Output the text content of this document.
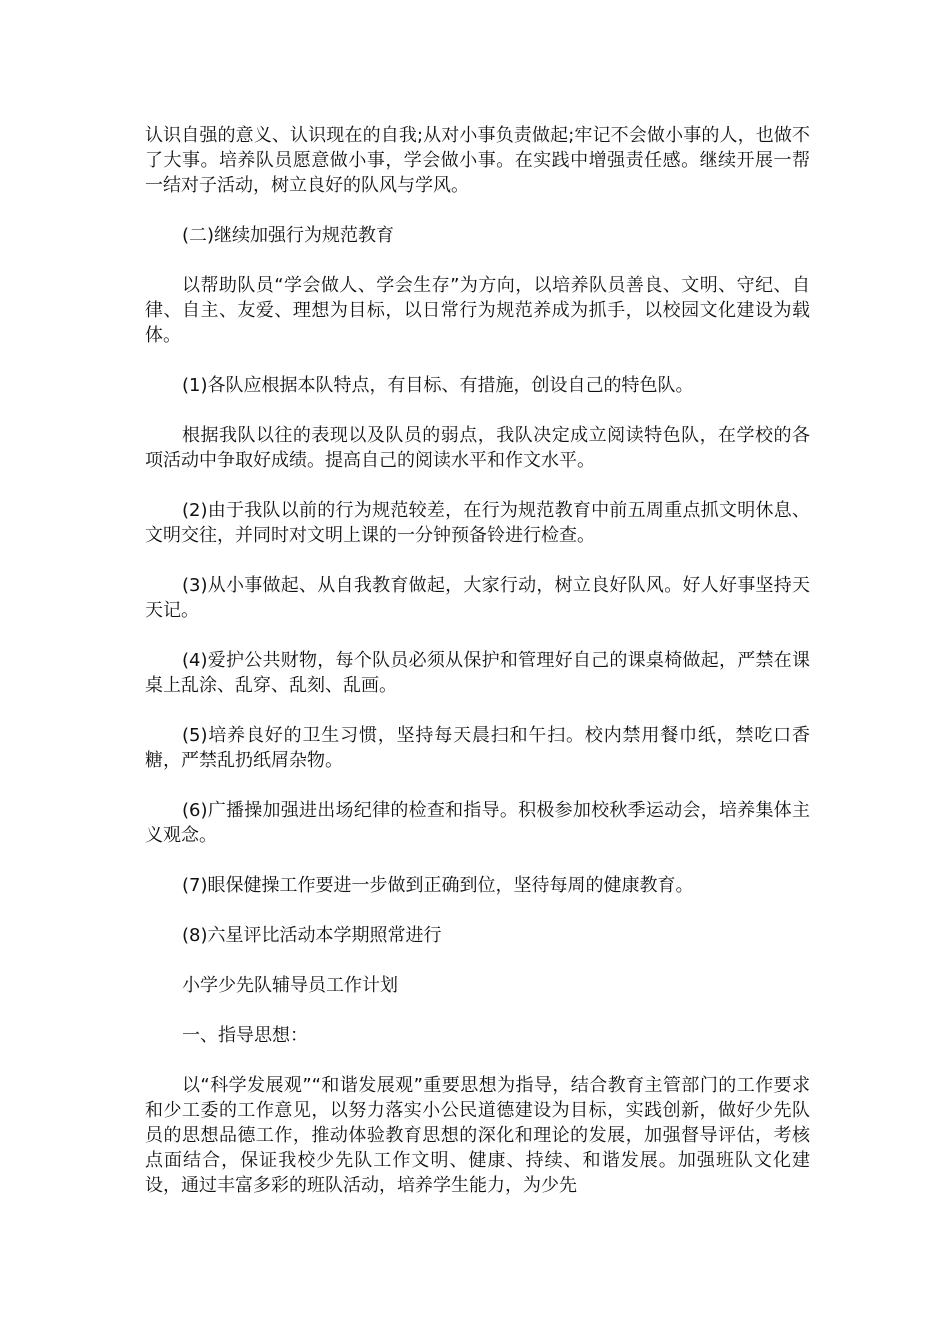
认识自强的意义、认识现在的自我;从对小事负责做起;牢记不会做小事的人，也做不了大事。培养队员愿意做小事，学会做小事。在实践中增强责任感。继续开展一帮一结对子活动，树立良好的队风与学风。

(二)继续加强行为规范教育

以帮助队员“学会做人、学会生存”为方向，以培养队员善良、文明、守纪、自律、自主、友爱、理想为目标，以日常行为规范养成为抓手，以校园文化建设为载体。

(1)各队应根据本队特点，有目标、有措施，创设自己的特色队。

根据我队以往的表现以及队员的弱点，我队决定成立阅读特色队，在学校的各项活动中争取好成绩。提高自己的阅读水平和作文水平。

(2)由于我队以前的行为规范较差，在行为规范教育中前五周重点抓文明休息、文明交往，并同时对文明上课的一分钟预备铃进行检查。

(3)从小事做起、从自我教育做起，大家行动，树立良好队风。好人好事坚持天天记。

(4)爱护公共财物，每个队员必须从保护和管理好自己的课桌椅做起，严禁在课桌上乱涂、乱穿、乱刻、乱画。

(5)培养良好的卫生习惯，坚持每天晨扫和午扫。校内禁用餐巾纸，禁吃口香糖，严禁乱扔纸屑杂物。

(6)广播操加强进出场纪律的检查和指导。积极参加校秋季运动会，培养集体主义观念。

(7)眼保健操工作要进一步做到正确到位，坚待每周的健康教育。

(8)六星评比活动本学期照常进行

小学少先队辅导员工作计划

一、指导思想：

以“科学发展观”“和谐发展观”重要思想为指导，结合教育主管部门的工作要求和少工委的工作意见，以努力落实小公民道德建设为目标，实践创新，做好少先队员的思想品德工作，推动体验教育思想的深化和理论的发展，加强督导评估，考核点面结合，保证我校少先队工作文明、健康、持续、和谐发展。加强班队文化建设，通过丰富多彩的班队活动，培养学生能力，为少先
